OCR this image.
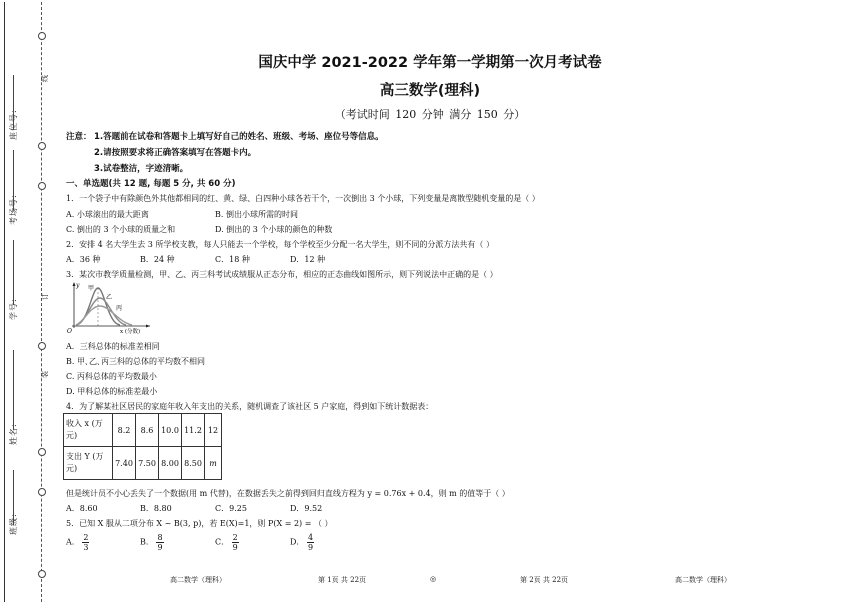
座位号:
考场号:
学号:
姓名:
班级:
线
订
装
国庆中学 2021-2022 学年第一学期第一次月考试卷
高三数学(理科)
（考试时间 120 分钟 满分 150 分）
注意： 1.答题前在试卷和答题卡上填写好自己的姓名、班级、考场、座位号等信息。
2.请按照要求将正确答案填写在答题卡内。
3.试卷整洁，字迹清晰。
一、单选题(共 12 题, 每题 5 分, 共 60 分)
1．一个袋子中有除颜色外其他都相同的红、黄、绿、白四种小球各若干个，一次倒出 3 个小球，下列变量是离散型随机变量的是（ ）
A. 小球滚出的最大距离	B. 倒出小球所需的时间
C. 倒出的 3 个小球的质量之和	D. 倒出的 3 个小球的颜色的种数
2．安排 4 名大学生去 3 所学校支教，每人只能去一个学校，每个学校至少分配一名大学生，则不同的分派方法共有（ ）
A．36 种	B．24 种	C．18 种	D．12 种
3．某次市教学质量检测，甲、乙、丙三科考试成绩服从正态分布，相应的正态曲线如图所示，则下列说法中正确的是（ ）
y
O	x (分数)
甲
乙
丙
A．三科总体的标准差相同
B. 甲､乙､丙三科的总体的平均数不相同
C. 丙科总体的平均数最小
D. 甲科总体的标准差最小
4．为了解某社区居民的家庭年收入年支出的关系，随机调查了该社区 5 户家庭，得到如下统计数据表：
收入 x (万
元)	8.2	8.6	10.0	11.2	12

支出 Y (万
元)	7.40	7.50	8.00	8.50	m
但是统计员不小心丢失了一个数据(用 m 代替)，在数据丢失之前得到回归直线方程为 y = 0.76x + 0.4，则 m 的值等于（ ）
A．8.60	B．8.80	C．9.25	D．9.52
5．已知 X 服从二项分布 X ~ B(3, p)，若 E(X)=1，则 P(X = 2) = （ ）
A． $\frac{2}{3}$	B． $\frac{8}{9}$	C． $\frac{2}{9}$	D． $\frac{4}{9}$
高二数学（理科）	第 1页 共 22页	◎	第 2页 共 22页	高二数学（理科）
